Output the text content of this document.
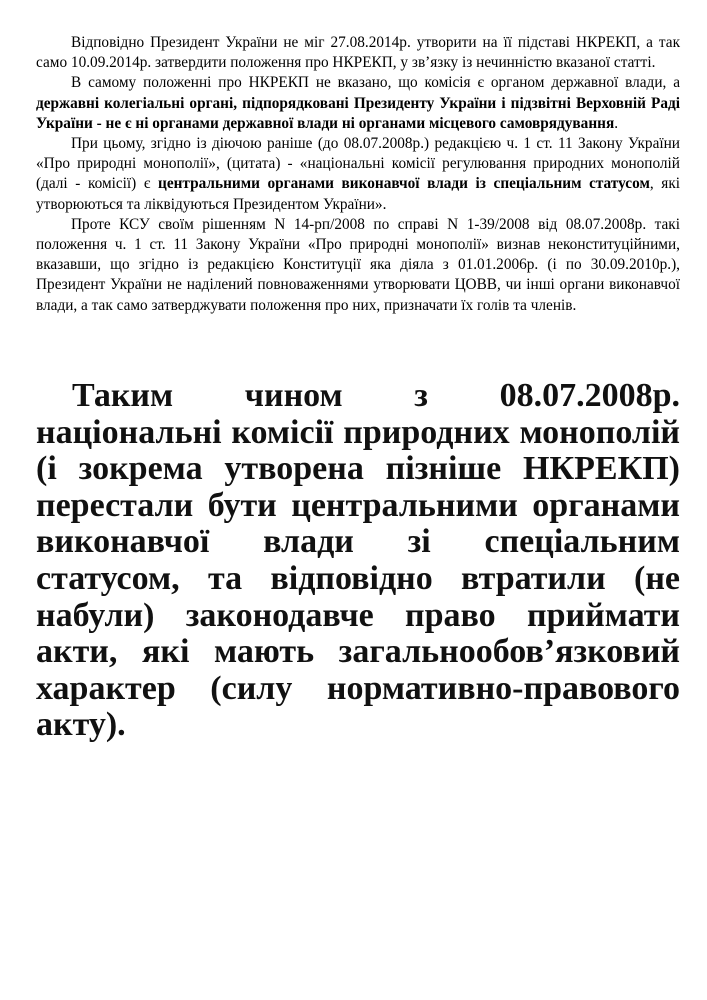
Відповідно Президент України не міг 27.08.2014р. утворити на її підставі НКРЕКП, а так само 10.09.2014р. затвердити положення про НКРЕКП, у зв’язку із нечинністю вказаної статті.

В самому положенні про НКРЕКП не вказано, що комісія є органом державної влади, а державні колегіальні органі, підпорядковані Президенту України і підзвітні Верховній Раді України - не є ні органами державної влади ні органами місцевого самоврядування.

При цьому, згідно із діючою раніше (до 08.07.2008р.) редакцією ч. 1 ст. 11 Закону України «Про природні монополії», (цитата) - «національні комісії регулювання природних монополій (далі - комісії) є центральними органами виконавчої влади із спеціальним статусом, які утворюються та ліквідуються Президентом України».

Проте КСУ своїм рішенням N 14-рп/2008 по справі N 1-39/2008 від 08.07.2008р. такі положення ч. 1 ст. 11 Закону України «Про природні монополії» визнав неконституційними, вказавши, що згідно із редакцією Конституції яка діяла з 01.01.2006р. (і по 30.09.2010р.), Президент України не наділений повноваженнями утворювати ЦОВВ, чи інші органи виконавчої влади, а так само затверджувати положення про них, призначати їх голів та членів.

Таким чином з 08.07.2008р. національні комісії природних монополій (і зокрема утворена пізніше НКРЕКП) перестали бути центральними органами виконавчої влади зі спеціальним статусом, та відповідно втратили (не набули) законодавче право приймати акти, які мають загальнообов’язковий характер (силу нормативно-правового акту).
